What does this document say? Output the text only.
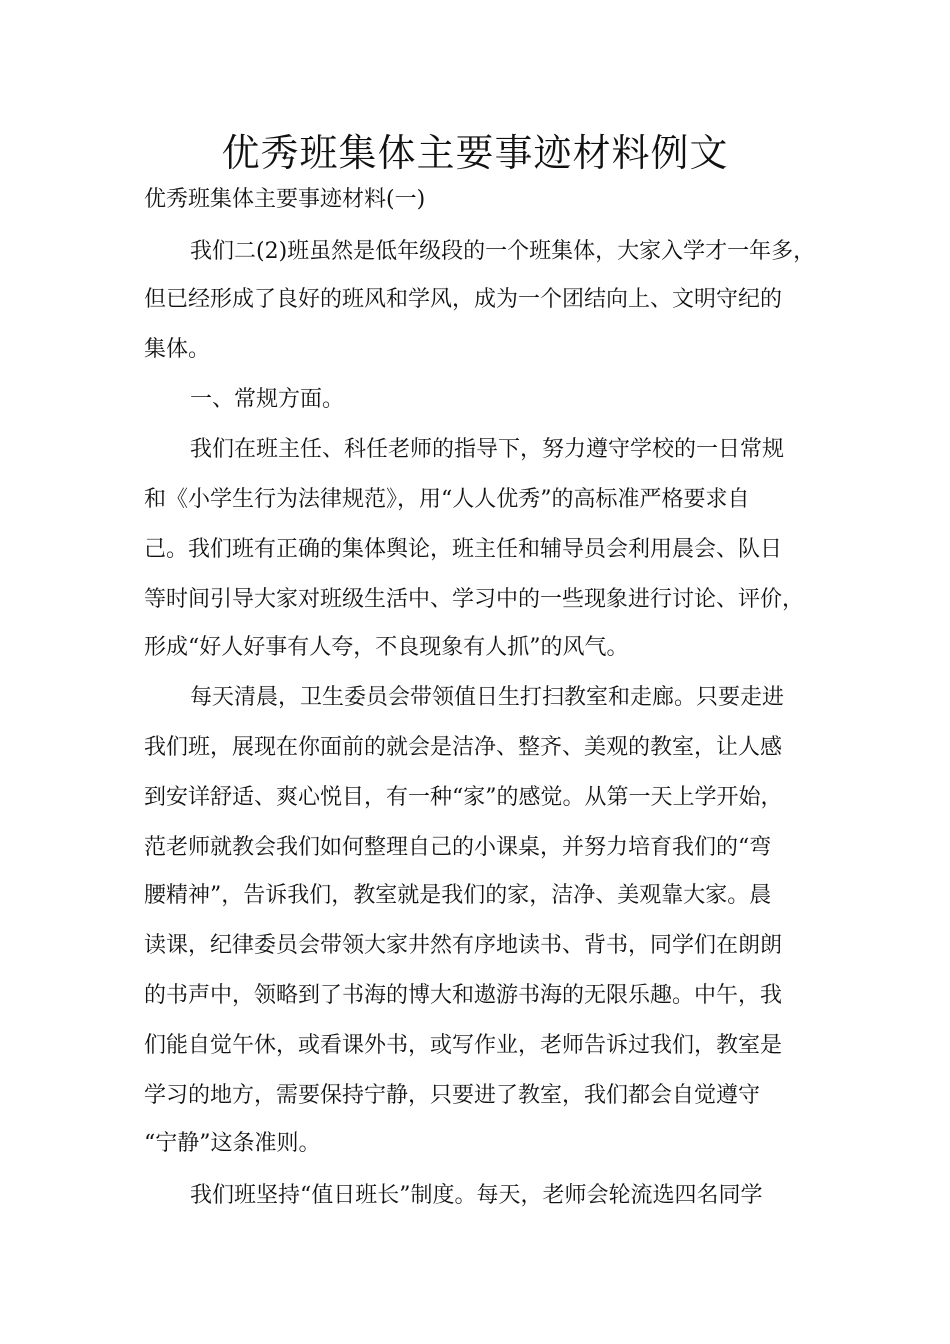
优秀班集体主要事迹材料例文

优秀班集体主要事迹材料(一)

我们二(2)班虽然是低年级段的一个班集体，大家入学才一年多，

但已经形成了良好的班风和学风，成为一个团结向上、文明守纪的

集体。

一、常规方面。

我们在班主任、科任老师的指导下，努力遵守学校的一日常规

和《小学生行为法律规范》，用“人人优秀”的高标准严格要求自

己。我们班有正确的集体舆论，班主任和辅导员会利用晨会、队日

等时间引导大家对班级生活中、学习中的一些现象进行讨论、评价，

形成“好人好事有人夸，不良现象有人抓”的风气。

每天清晨，卫生委员会带领值日生打扫教室和走廊。只要走进

我们班，展现在你面前的就会是洁净、整齐、美观的教室，让人感

到安详舒适、爽心悦目，有一种“家”的感觉。从第一天上学开始，

范老师就教会我们如何整理自己的小课桌，并努力培育我们的“弯

腰精神”，告诉我们，教室就是我们的家，洁净、美观靠大家。晨

读课，纪律委员会带领大家井然有序地读书、背书，同学们在朗朗

的书声中，领略到了书海的博大和遨游书海的无限乐趣。中午，我

们能自觉午休，或看课外书，或写作业，老师告诉过我们，教室是

学习的地方，需要保持宁静，只要进了教室，我们都会自觉遵守

“宁静”这条准则。

我们班坚持“值日班长”制度。每天，老师会轮流选四名同学
